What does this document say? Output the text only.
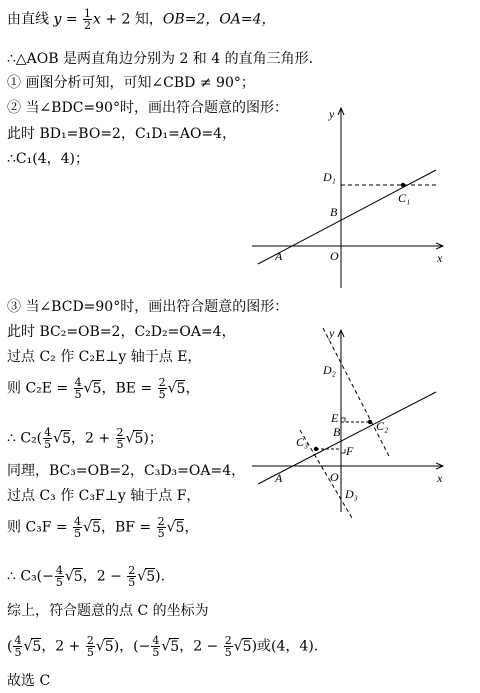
由直线 $y = \frac{1}{2}$ x + 2 知，OB=2，OA=4，
∴△AOB 是两直角边分别为 2 和 4 的直角三角形.
① 画图分析可知，可知∠CBD ≠ 90°；
② 当∠BDC=90°时，画出符合题意的图形：
此时 BD₁=BO=2，C₁D₁=AO=4，
∴C₁(4，4)；
y
x
D₁
C₁
B
A	O
③ 当∠BCD=90°时，画出符合题意的图形：
此时 BC₂=OB=2，C₂D₂=OA=4，
过点 C₂ 作 C₂E⊥y 轴于点 E，
则 $C_2E = \frac{4}{5} √5$，BE = $\frac{2}{5} √5$，
∴ $C_2( \frac{4}{5} √5$，$2 + \frac{2}{5} √5$)；
同理，BC₃=OB=2，C₃D₃=OA=4，
过点 C₃ 作 C₃F⊥y 轴于点 F，
则 $C_3F = \frac{4}{5} √5$，BF = $\frac{2}{5} √5$，
∴ $C_3(- \frac{4}{5} √5$，$2 - \frac{2}{5} √5$).
综上，符合题意的点 C 的坐标为
( $\frac{4}{5} √5$，$2 + \frac{2}{5} √5$)，(− $\frac{4}{5} √5$，$2 - \frac{2}{5} √5$)或(4，4).
故选 C
y
x
D₂
C₂
E
B
C₃
F
A	O
D₃
